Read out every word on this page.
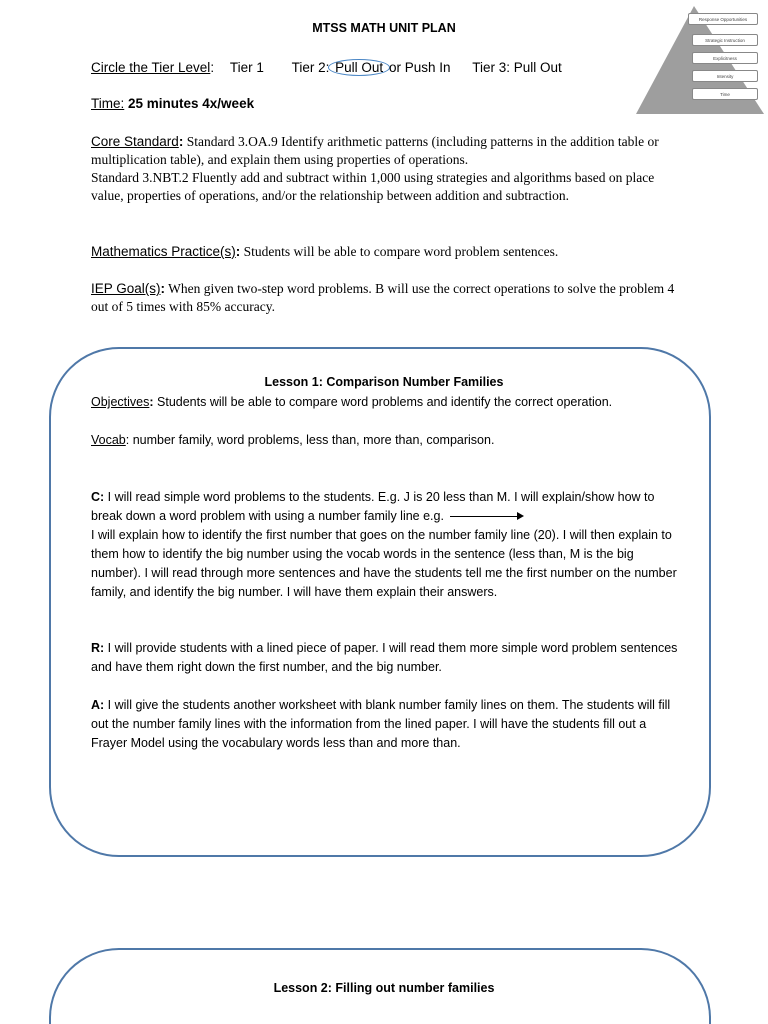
MTSS MATH UNIT PLAN
Response Opportunities
Strategic Instruction
Explicitness
Intensity
Time
Circle the Tier Level: Tier 1 Tier 2: Pull Out or Push In Tier 3: Pull Out
Time: 25 minutes 4x/week
Core Standard: Standard 3.OA.9 Identify arithmetic patterns (including patterns in the addition table or multiplication table), and explain them using properties of operations.
Standard 3.NBT.2 Fluently add and subtract within 1,000 using strategies and algorithms based on place value, properties of operations, and/or the relationship between addition and subtraction.
Mathematics Practice(s): Students will be able to compare word problem sentences.
IEP Goal(s): When given two-step word problems. B will use the correct operations to solve the problem 4 out of 5 times with 85% accuracy.
Lesson 1: Comparison Number Families
Objectives: Students will be able to compare word problems and identify the correct operation.
Vocab: number family, word problems, less than, more than, comparison.
C: I will read simple word problems to the students. E.g. J is 20 less than M. I will explain/show how to break down a word problem with using a number family line e.g.
I will explain how to identify the first number that goes on the number family line (20). I will then explain to them how to identify the big number using the vocab words in the sentence (less than, M is the big number). I will read through more sentences and have the students tell me the first number on the number family, and identify the big number. I will have them explain their answers.
R: I will provide students with a lined piece of paper. I will read them more simple word problem sentences and have them right down the first number, and the big number.
A: I will give the students another worksheet with blank number family lines on them. The students will fill out the number family lines with the information from the lined paper. I will have the students fill out a Frayer Model using the vocabulary words less than and more than.
Lesson 2: Filling out number families
